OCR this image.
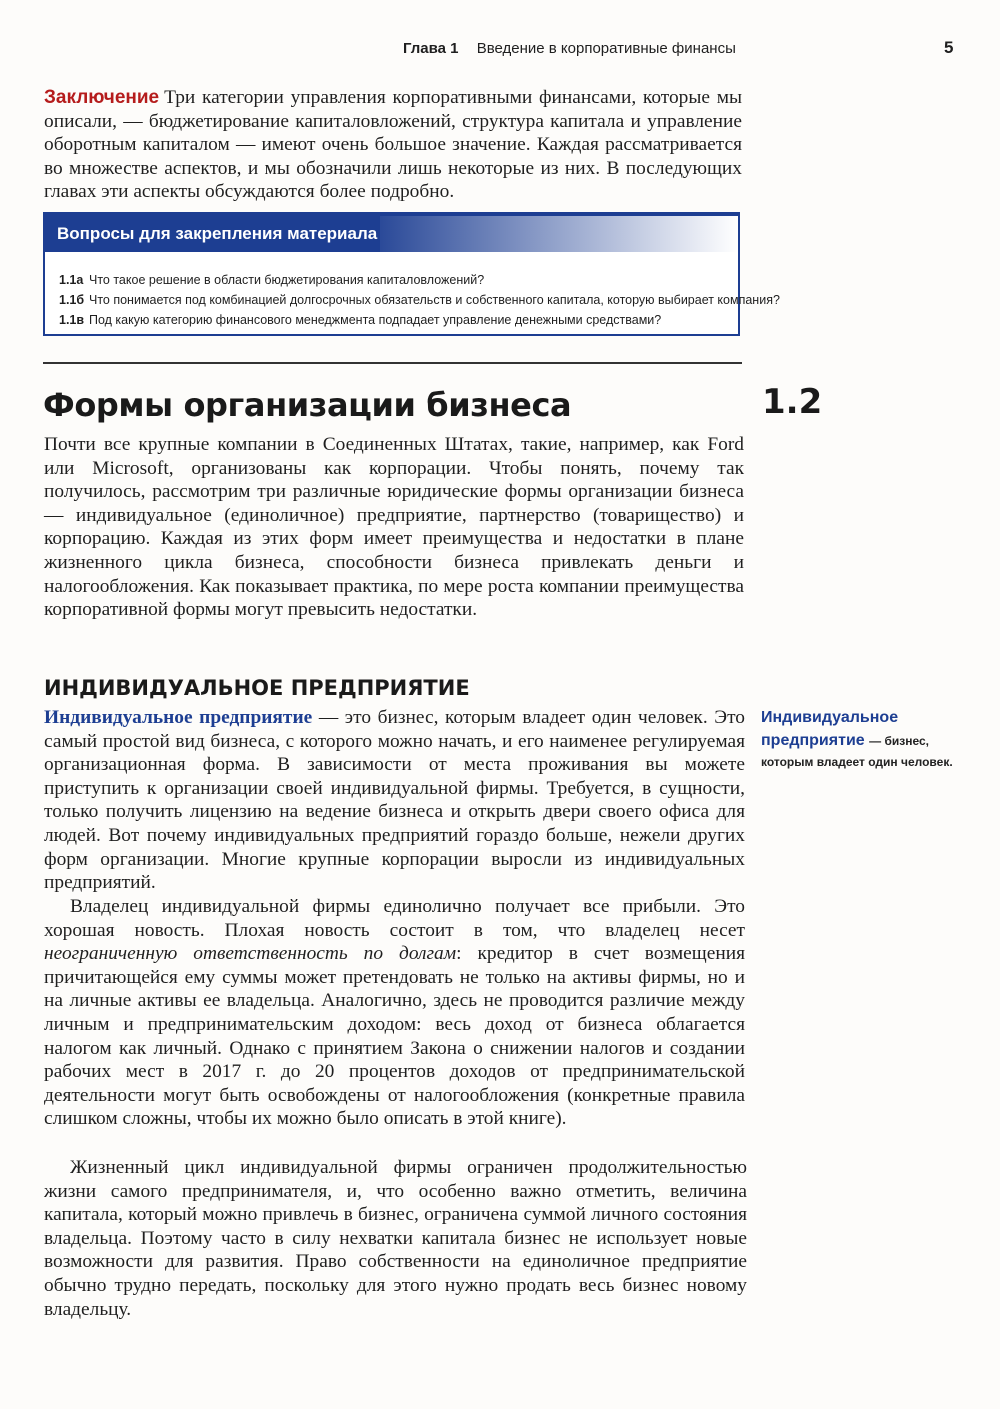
Глава 1 Введение в корпоративные финансы	5
Заключение Три категории управления корпоративными финансами, которые мы описали, — бюджетирование капиталовложений, структура капитала и управление оборотным капиталом — имеют очень большое значение. Каждая рассматривается во множестве аспектов, и мы обозначили лишь некоторые из них. В последующих главах эти аспекты обсуждаются более подробно.
Вопросы для закрепления материала
1.1а Что такое решение в области бюджетирования капиталовложений?
1.1б Что понимается под комбинацией долгосрочных обязательств и собственного капитала, которую выбирает компания?
1.1в Под какую категорию финансового менеджмента подпадает управление денежными средствами?
Формы организации бизнеса	1.2
Почти все крупные компании в Соединенных Штатах, такие, например, как Ford или Microsoft, организованы как корпорации. Чтобы понять, почему так получилось, рассмотрим три различные юридические формы организации бизнеса — индивидуальное (единоличное) предприятие, партнерство (товарищество) и корпорацию. Каждая из этих форм имеет преимущества и недостатки в плане жизненного цикла бизнеса, способности бизнеса привлекать деньги и налогообложения. Как показывает практика, по мере роста компании преимущества корпоративной формы могут превысить недостатки.
ИНДИВИДУАЛЬНОЕ ПРЕДПРИЯТИЕ
Индивидуальное предприятие — это бизнес, которым владеет один человек. Это самый простой вид бизнеса, с которого можно начать, и его наименее регулируемая организационная форма. В зависимости от места проживания вы можете приступить к организации своей индивидуальной фирмы. Требуется, в сущности, только получить лицензию на ведение бизнеса и открыть двери своего офиса для людей. Вот почему индивидуальных предприятий гораздо больше, нежели других форм организации. Многие крупные корпорации выросли из индивидуальных предприятий.
Владелец индивидуальной фирмы единолично получает все прибыли. Это хорошая новость. Плохая новость состоит в том, что владелец несет неограниченную ответственность по долгам: кредитор в счет возмещения причитающейся ему суммы может претендовать не только на активы фирмы, но и на личные активы ее владельца. Аналогично, здесь не проводится различие между личным и предпринимательским доходом: весь доход от бизнеса облагается налогом как личный. Однако с принятием Закона о снижении налогов и создании рабочих мест в 2017 г. до 20 процентов доходов от предпринимательской деятельности могут быть освобождены от налогообложения (конкретные правила слишком сложны, чтобы их можно было описать в этой книге).
Жизненный цикл индивидуальной фирмы ограничен продолжительностью жизни самого предпринимателя, и, что особенно важно отметить, величина капитала, который можно привлечь в бизнес, ограничена суммой личного состояния владельца. Поэтому часто в силу нехватки капитала бизнес не использует новые возможности для развития. Право собственности на единоличное предприятие обычно трудно передать, поскольку для этого нужно продать весь бизнес новому владельцу.
Индивидуальное предприятие — бизнес, которым владеет один человек.
